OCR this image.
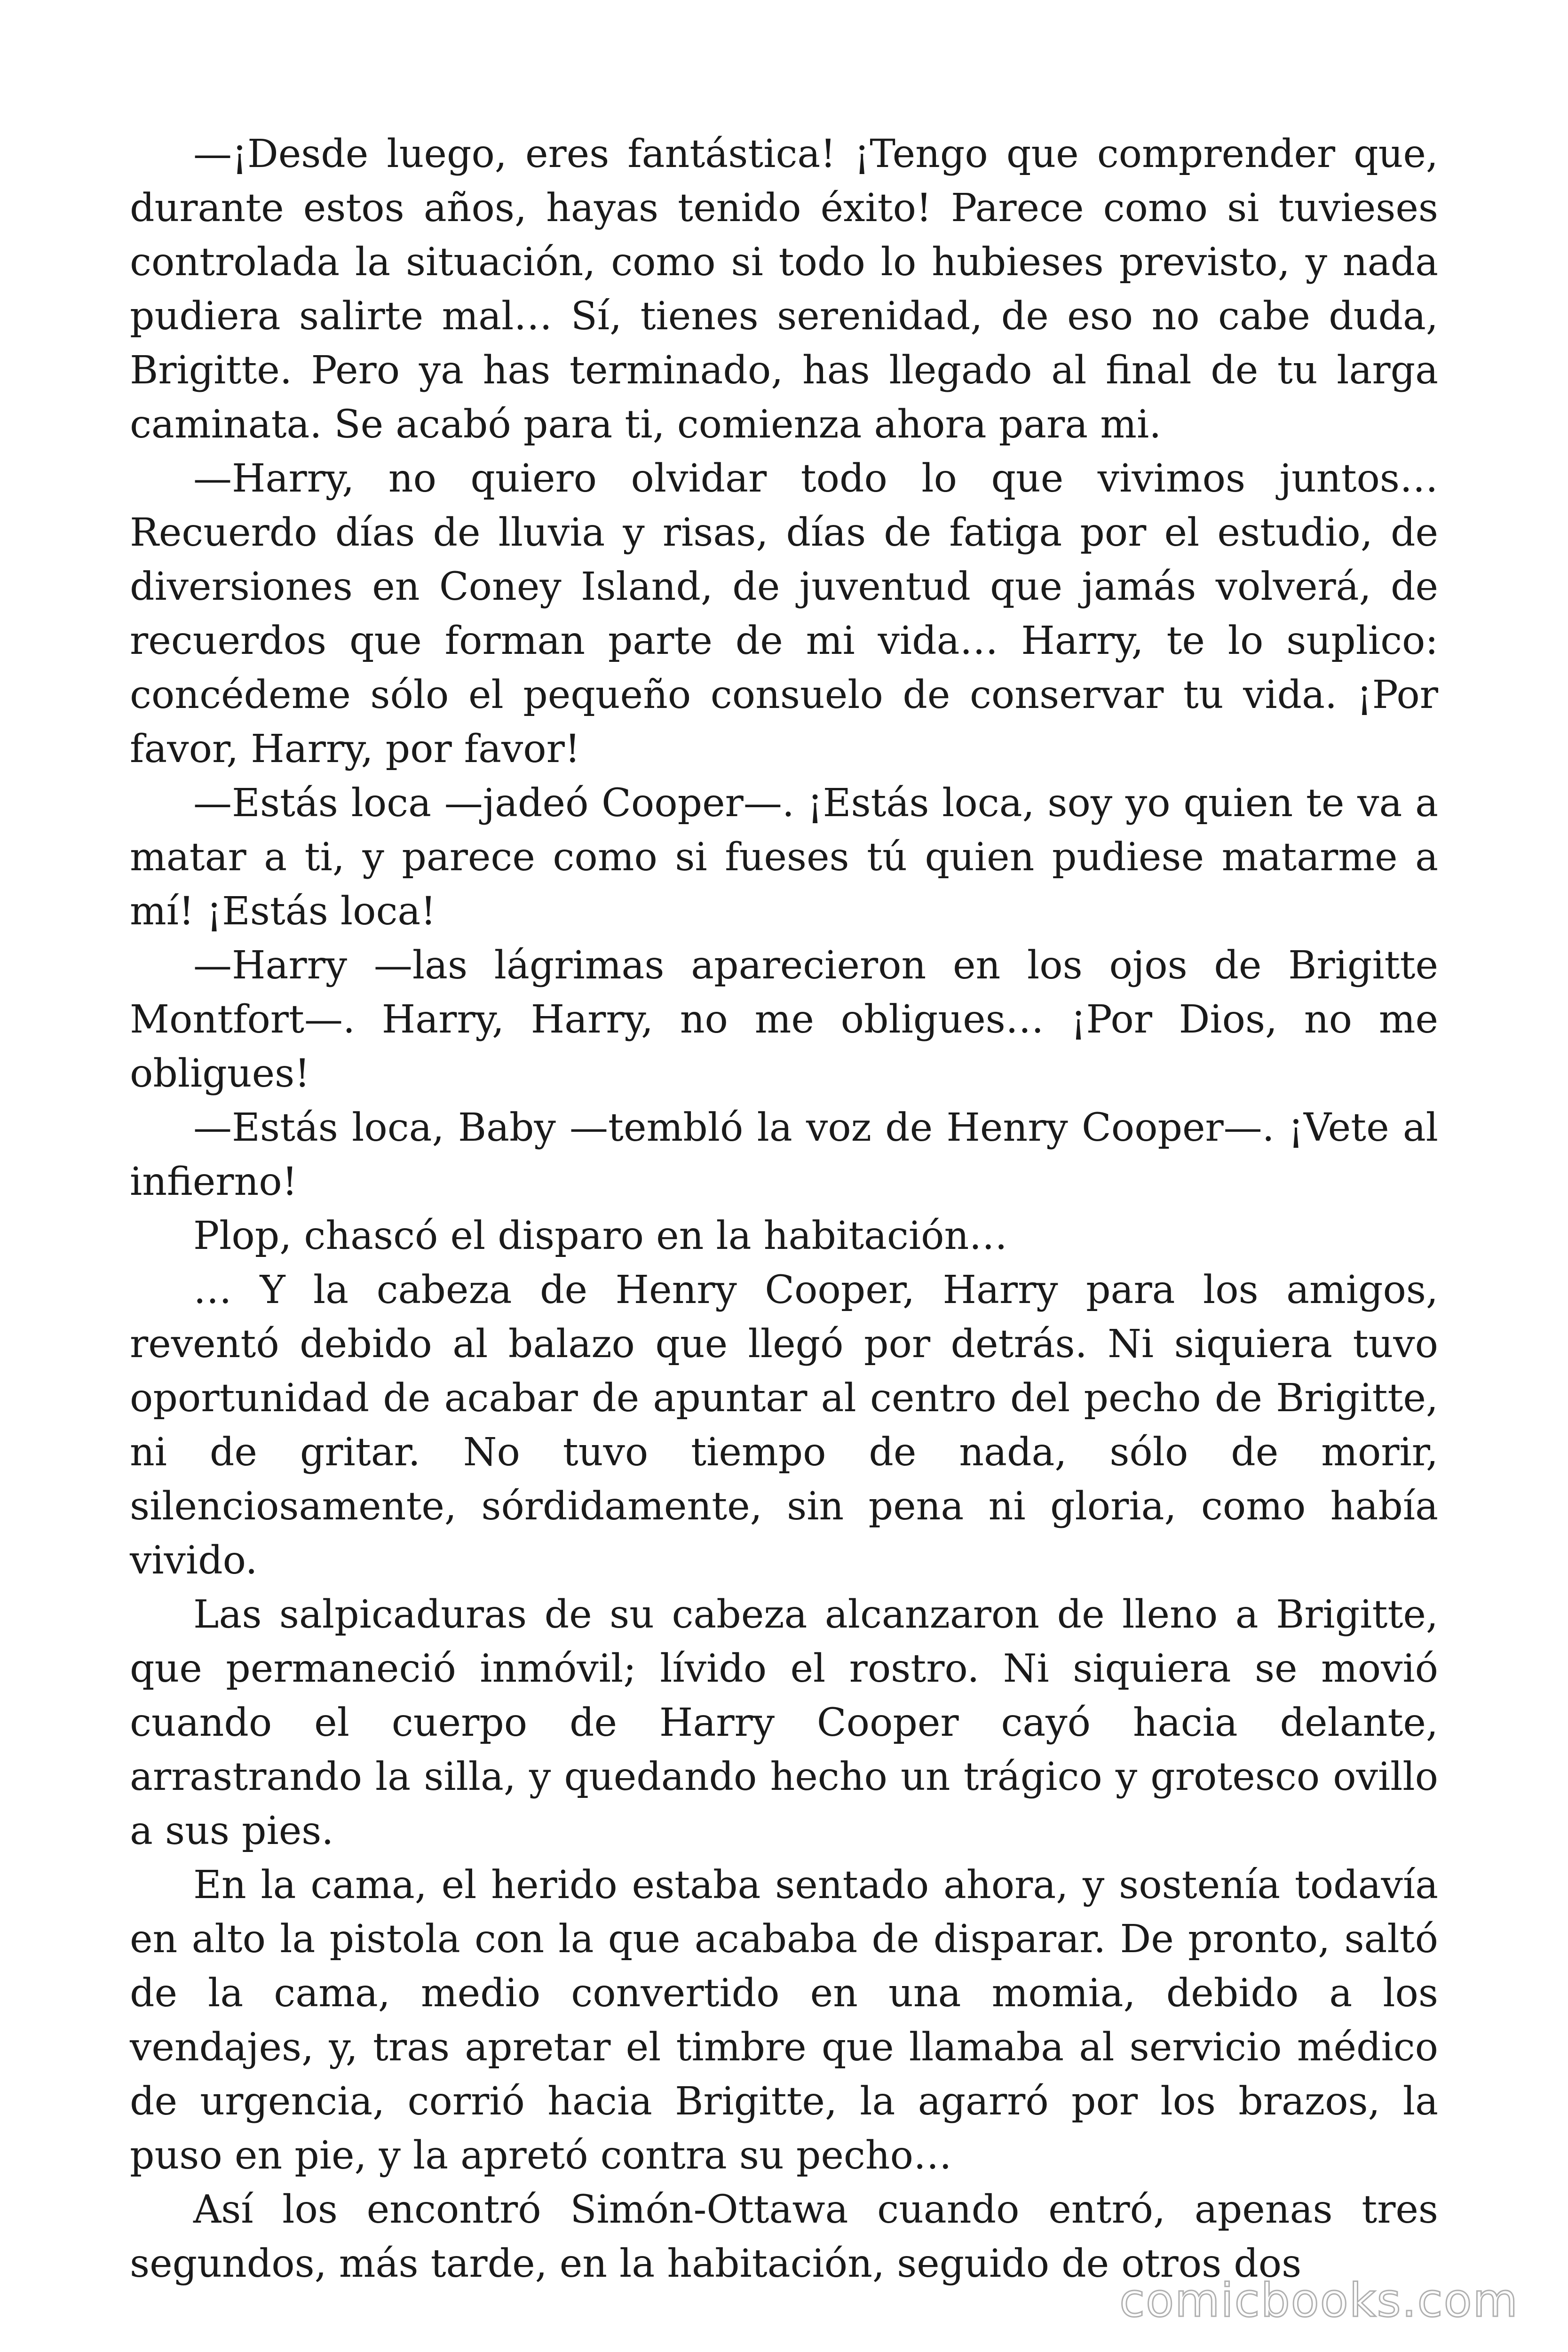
—¡Desde luego, eres fantástica! ¡Tengo que comprender que, durante estos años, hayas tenido éxito! Parece como si tuvieses controlada la situación, como si todo lo hubieses previsto, y nada pudiera salirte mal… Sí, tienes serenidad, de eso no cabe duda, Brigitte. Pero ya has terminado, has llegado al final de tu larga caminata. Se acabó para ti, comienza ahora para mi.

—Harry, no quiero olvidar todo lo que vivimos juntos… Recuerdo días de lluvia y risas, días de fatiga por el estudio, de diversiones en Coney Island, de juventud que jamás volverá, de recuerdos que forman parte de mi vida… Harry, te lo suplico: concédeme sólo el pequeño consuelo de conservar tu vida. ¡Por favor, Harry, por favor!

—Estás loca —jadeó Cooper—. ¡Estás loca, soy yo quien te va a matar a ti, y parece como si fueses tú quien pudiese matarme a mí! ¡Estás loca!

—Harry —las lágrimas aparecieron en los ojos de Brigitte Montfort—. Harry, Harry, no me obligues… ¡Por Dios, no me obligues!

—Estás loca, Baby —tembló la voz de Henry Cooper—. ¡Vete al infierno!

Plop, chascó el disparo en la habitación…

… Y la cabeza de Henry Cooper, Harry para los amigos, reventó debido al balazo que llegó por detrás. Ni siquiera tuvo oportunidad de acabar de apuntar al centro del pecho de Brigitte, ni de gritar. No tuvo tiempo de nada, sólo de morir, silenciosamente, sórdidamente, sin pena ni gloria, como había vivido.

Las salpicaduras de su cabeza alcanzaron de lleno a Brigitte, que permaneció inmóvil; lívido el rostro. Ni siquiera se movió cuando el cuerpo de Harry Cooper cayó hacia delante, arrastrando la silla, y quedando hecho un trágico y grotesco ovillo a sus pies.

En la cama, el herido estaba sentado ahora, y sostenía todavía en alto la pistola con la que acababa de disparar. De pronto, saltó de la cama, medio convertido en una momia, debido a los vendajes, y, tras apretar el timbre que llamaba al servicio médico de urgencia, corrió hacia Brigitte, la agarró por los brazos, la puso en pie, y la apretó contra su pecho…

Así los encontró Simón-Ottawa cuando entró, apenas tres segundos, más tarde, en la habitación, seguido de otros dos

comicbooks.com
